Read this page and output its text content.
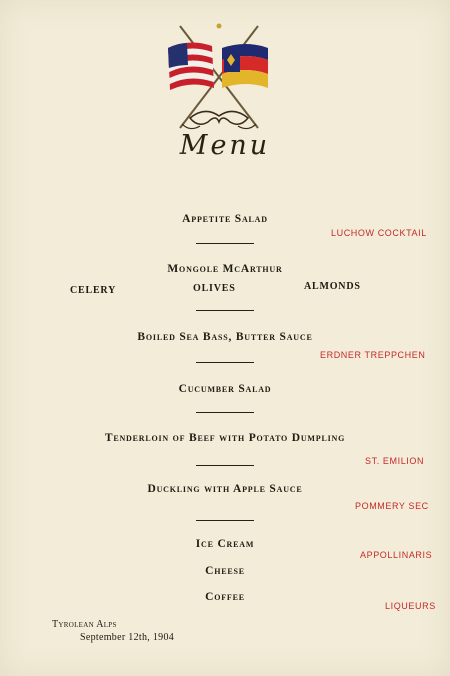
Menu
Appetite Salad
Mongole McArthur
CELERY	OLIVES	ALMONDS
Boiled Sea Bass, Butter Sauce
Cucumber Salad
Tenderloin of Beef with Potato Dumpling
Duckling with Apple Sauce
Ice Cream
Cheese
Coffee
LUCHOW COCKTAIL
ERDNER TREPPCHEN
ST. EMILION
POMMERY SEC
APPOLLINARIS
LIQUEURS
Tyrolean Alps
September 12th, 1904
